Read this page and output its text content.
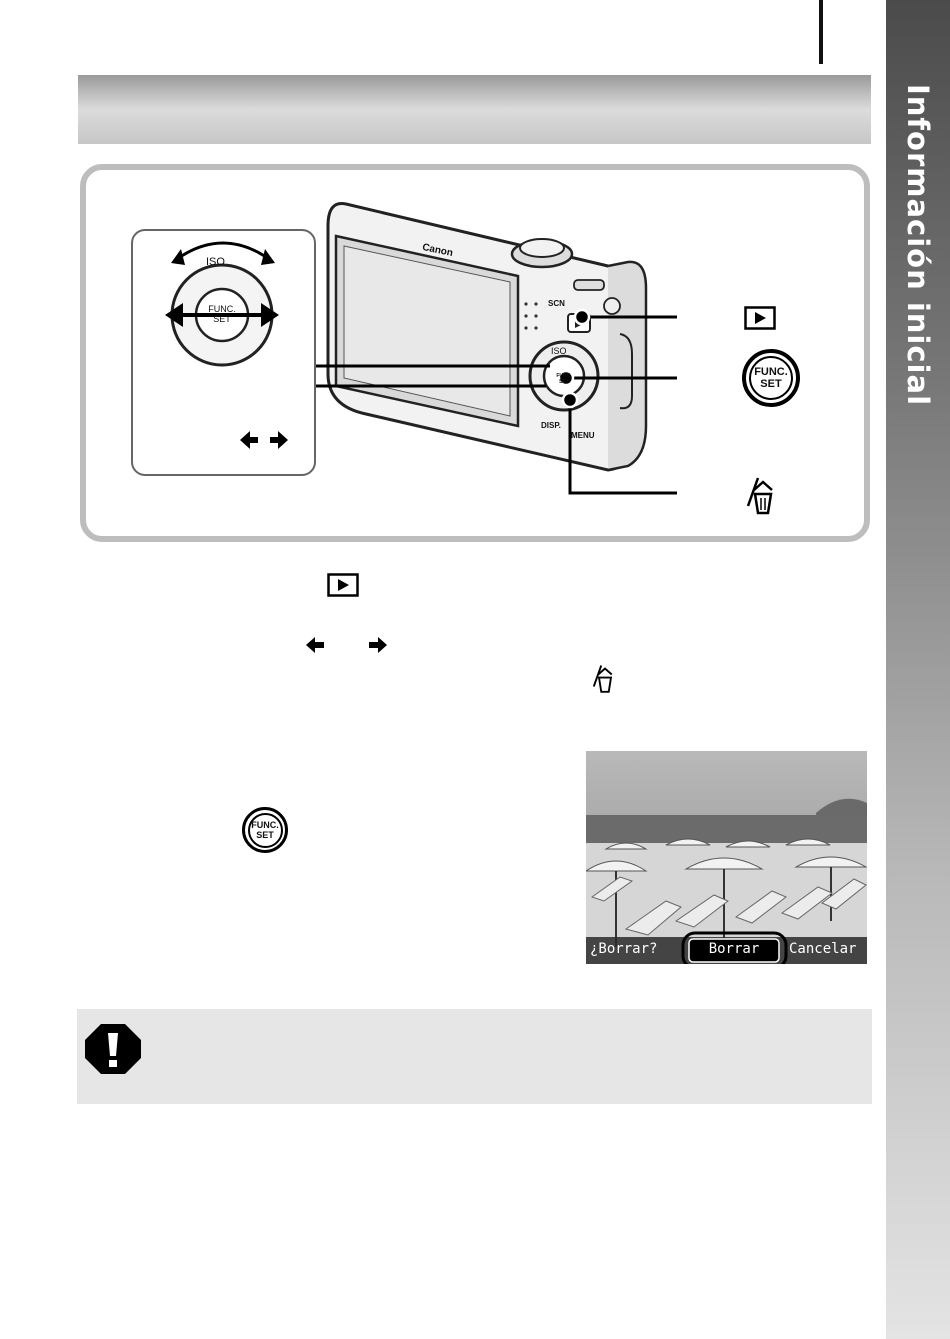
Información inicial
Canon
SCN
ISO
FUNC.
SET
DISP.
MENU
ISO
FUNC.
SET
FUNC.
SET
FUNC.
SET
¿Borrar?	Borrar	Cancelar
